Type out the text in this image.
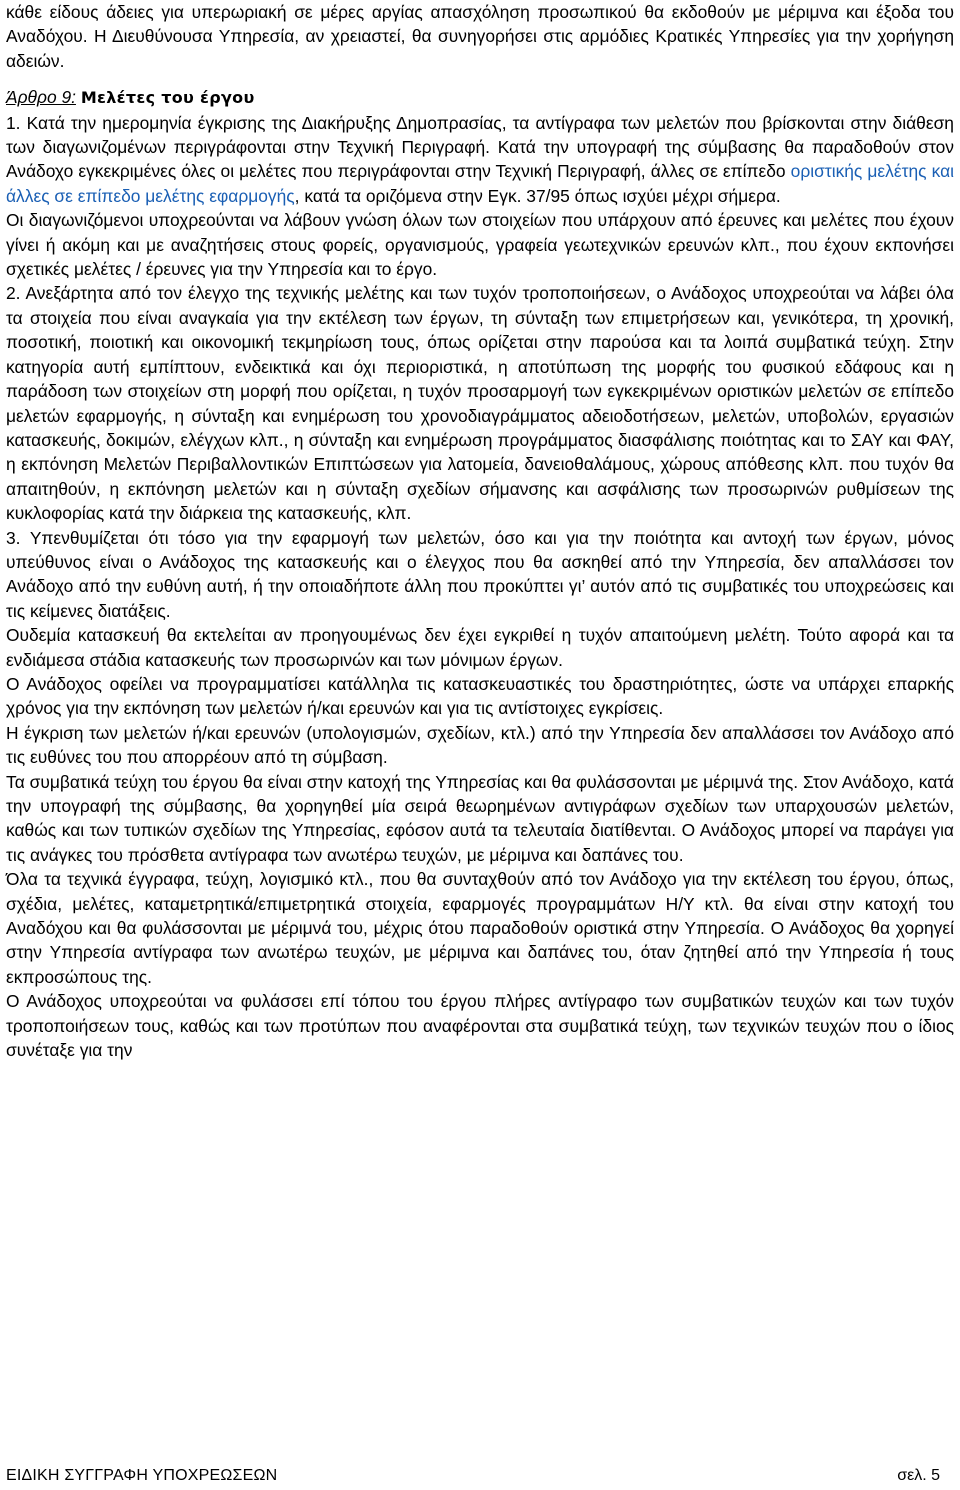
κάθε είδους άδειες για υπερωριακή σε μέρες αργίας απασχόληση προσωπικού θα εκδοθούν με μέριμνα και έξοδα του Αναδόχου. Η Διευθύνουσα Υπηρεσία, αν χρειαστεί, θα συνηγορήσει στις αρμόδιες Κρατικές Υπηρεσίες για την χορήγηση αδειών.

Άρθρο 9: Μελέτες του έργου

1. Κατά την ημερομηνία έγκρισης της Διακήρυξης Δημοπρασίας, τα αντίγραφα των μελετών που βρίσκονται στην διάθεση των διαγωνιζομένων περιγράφονται στην Τεχνική Περιγραφή. Κατά την υπογραφή της σύμβασης θα παραδοθούν στον Ανάδοχο εγκεκριμένες όλες οι μελέτες που περιγράφονται στην Τεχνική Περιγραφή, άλλες σε επίπεδο οριστικής μελέτης και άλλες σε επίπεδο μελέτης εφαρμογής, κατά τα οριζόμενα στην Εγκ. 37/95 όπως ισχύει μέχρι σήμερα.

Οι διαγωνιζόμενοι υποχρεούνται να λάβουν γνώση όλων των στοιχείων που υπάρχουν από έρευνες και μελέτες που έχουν γίνει ή ακόμη και με αναζητήσεις στους φορείς, οργανισμούς, γραφεία γεωτεχνικών ερευνών κλπ., που έχουν εκπονήσει σχετικές μελέτες / έρευνες για την Υπηρεσία και το έργο.

2. Ανεξάρτητα από τον έλεγχο της τεχνικής μελέτης και των τυχόν τροποποιήσεων, ο Ανάδοχος υποχρεούται να λάβει όλα τα στοιχεία που είναι αναγκαία για την εκτέλεση των έργων, τη σύνταξη των επιμετρήσεων και, γενικότερα, τη χρονική, ποσοτική, ποιοτική και οικονομική τεκμηρίωση τους, όπως ορίζεται στην παρούσα και τα λοιπά συμβατικά τεύχη. Στην κατηγορία αυτή εμπίπτουν, ενδεικτικά και όχι περιοριστικά, η αποτύπωση της μορφής του φυσικού εδάφους και η παράδοση των στοιχείων στη μορφή που ορίζεται, η τυχόν προσαρμογή των εγκεκριμένων οριστικών μελετών σε επίπεδο μελετών εφαρμογής, η σύνταξη και ενημέρωση του χρονοδιαγράμματος αδειοδοτήσεων, μελετών, υποβολών, εργασιών κατασκευής, δοκιμών, ελέγχων κλπ., η σύνταξη και ενημέρωση προγράμματος διασφάλισης ποιότητας και το ΣΑΥ και ΦΑΥ, η εκπόνηση Μελετών Περιβαλλοντικών Επιπτώσεων για λατομεία, δανειοθαλάμους, χώρους απόθεσης κλπ. που τυχόν θα απαιτηθούν, η εκπόνηση μελετών και η σύνταξη σχεδίων σήμανσης και ασφάλισης των προσωρινών ρυθμίσεων της κυκλοφορίας κατά την διάρκεια της κατασκευής, κλπ.

3. Υπενθυμίζεται ότι τόσο για την εφαρμογή των μελετών, όσο και για την ποιότητα και αντοχή των έργων, μόνος υπεύθυνος είναι ο Ανάδοχος της κατασκευής και ο έλεγχος που θα ασκηθεί από την Υπηρεσία, δεν απαλλάσσει τον Ανάδοχο από την ευθύνη αυτή, ή την οποιαδήποτε άλλη που προκύπτει γι’ αυτόν από τις συμβατικές του υποχρεώσεις και τις κείμενες διατάξεις.

Ουδεμία κατασκευή θα εκτελείται αν προηγουμένως δεν έχει εγκριθεί η τυχόν απαιτούμενη μελέτη. Τούτο αφορά και τα ενδιάμεσα στάδια κατασκευής των προσωρινών και των μόνιμων έργων.

Ο Ανάδοχος οφείλει να προγραμματίσει κατάλληλα τις κατασκευαστικές του δραστηριότητες, ώστε να υπάρχει επαρκής χρόνος για την εκπόνηση των μελετών ή/και ερευνών και για τις αντίστοιχες εγκρίσεις.

Η έγκριση των μελετών ή/και ερευνών (υπολογισμών, σχεδίων, κτλ.) από την Υπηρεσία δεν απαλλάσσει τον Ανάδοχο από τις ευθύνες του που απορρέουν από τη σύμβαση.

Τα συμβατικά τεύχη του έργου θα είναι στην κατοχή της Υπηρεσίας και θα φυλάσσονται με μέριμνά της. Στον Ανάδοχο, κατά την υπογραφή της σύμβασης, θα χορηγηθεί μία σειρά θεωρημένων αντιγράφων σχεδίων των υπαρχουσών μελετών, καθώς και των τυπικών σχεδίων της Υπηρεσίας, εφόσον αυτά τα τελευταία διατίθενται. Ο Ανάδοχος μπορεί να παράγει για τις ανάγκες του πρόσθετα αντίγραφα των ανωτέρω τευχών, με μέριμνα και δαπάνες του.

Όλα τα τεχνικά έγγραφα, τεύχη, λογισμικό κτλ., που θα συνταχθούν από τον Ανάδοχο για την εκτέλεση του έργου, όπως, σχέδια, μελέτες, καταμετρητικά/επιμετρητικά στοιχεία, εφαρμογές προγραμμάτων Η/Υ κτλ. θα είναι στην κατοχή του Αναδόχου και θα φυλάσσονται με μέριμνά του, μέχρις ότου παραδοθούν οριστικά στην Υπηρεσία. Ο Ανάδοχος θα χορηγεί στην Υπηρεσία αντίγραφα των ανωτέρω τευχών, με μέριμνα και δαπάνες του, όταν ζητηθεί από την Υπηρεσία ή τους εκπροσώπους της.

Ο Ανάδοχος υποχρεούται να φυλάσσει επί τόπου του έργου πλήρες αντίγραφο των συμβατικών τευχών και των τυχόν τροποποιήσεων τους, καθώς και των προτύπων που αναφέρονται στα συμβατικά τεύχη, των τεχνικών τευχών που ο ίδιος συνέταξε για την

ΕΙΔΙΚΗ ΣΥΓΓΡΑΦΗ ΥΠΟΧΡΕΩΣΕΩΝ	σελ. 5
